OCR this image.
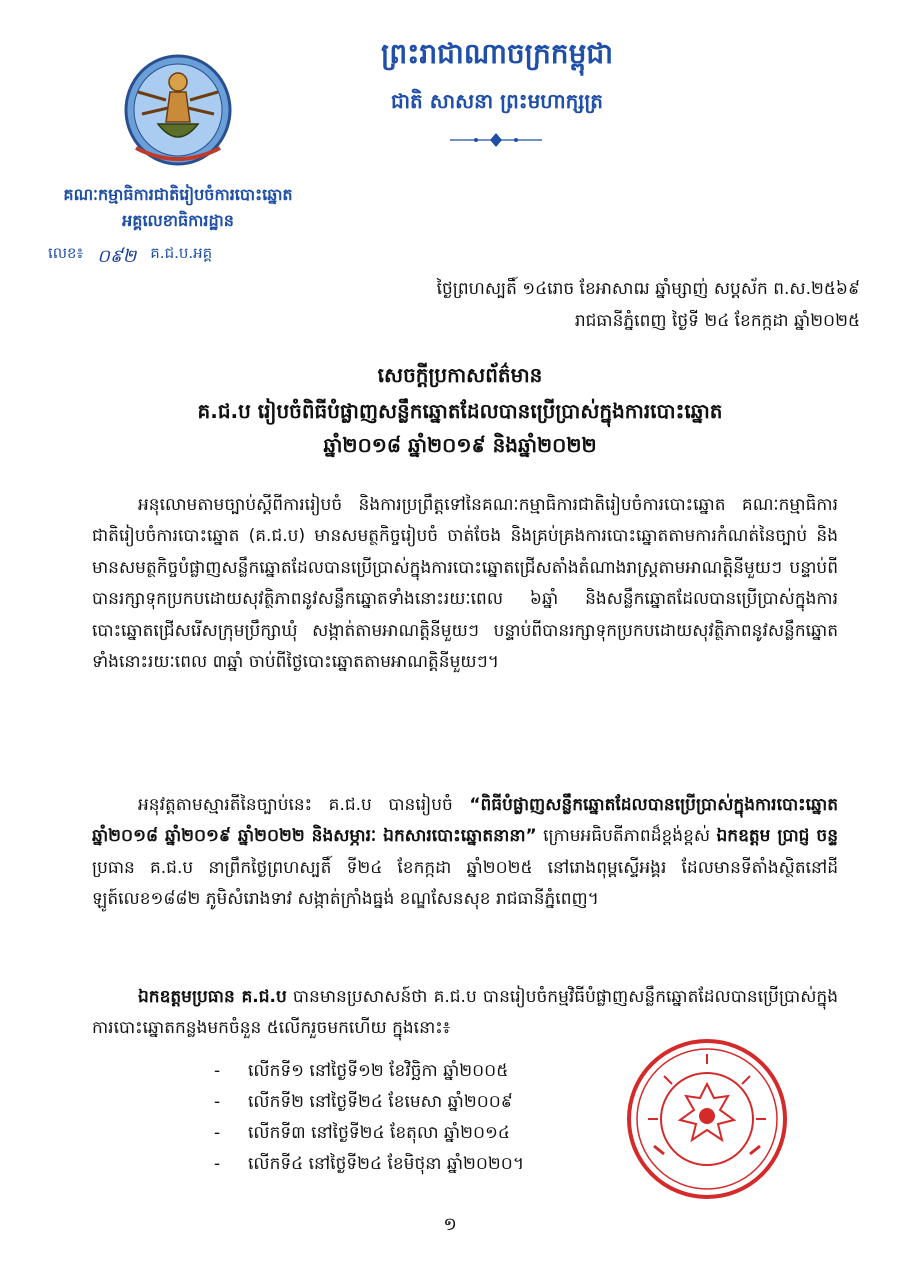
គណៈកម្មាធិការជាតិរៀបចំការបោះឆ្នោត
អគ្គលេខាធិការដ្ឋាន
លេខ៖ ០៩២ គ.ជ.ប.អគ្គ
ព្រះរាជាណាចក្រកម្ពុជា
ជាតិ សាសនា ព្រះមហាក្សត្រ
ថ្ងៃព្រហស្បតិ៍ ១៤រោច ខែអាសាឍ ឆ្នាំម្សាញ់ សប្តស័ក ព.ស.២៥៦៩
រាជធានីភ្នំពេញ ថ្ងៃទី ២៤ ខែកក្កដា ឆ្នាំ២០២៥
សេចក្តីប្រកាសព័ត៌មាន
គ.ជ.ប រៀបចំពិធីបំផ្លាញសន្លឹកឆ្នោតដែលបានប្រើប្រាស់ក្នុងការបោះឆ្នោត
ឆ្នាំ២០១៨ ឆ្នាំ២០១៩ និងឆ្នាំ២០២២

អនុលោមតាមច្បាប់ស្តីពីការរៀបចំ និងការប្រព្រឹត្តទៅនៃគណៈកម្មាធិការជាតិរៀបចំការបោះឆ្នោត គណៈកម្មាធិការជាតិរៀបចំការបោះឆ្នោត (គ.ជ.ប) មានសមត្ថកិច្ចរៀបចំ ចាត់ចែង និងគ្រប់គ្រងការបោះឆ្នោតតាមការកំណត់នៃច្បាប់ និងមានសមត្ថកិច្ចបំផ្លាញសន្លឹកឆ្នោតដែលបានប្រើប្រាស់ក្នុងការបោះឆ្នោតជ្រើសតាំងតំណាងរាស្ត្រតាមអាណត្តិនីមួយៗ បន្ទាប់ពីបានរក្សាទុកប្រកបដោយសុវត្ថិភាពនូវសន្លឹកឆ្នោតទាំងនោះរយៈពេល ៦ឆ្នាំ និងសន្លឹកឆ្នោតដែលបានប្រើប្រាស់ក្នុងការបោះឆ្នោតជ្រើសរើសក្រុមប្រឹក្សាឃុំ សង្កាត់តាមអាណត្តិនីមួយៗ បន្ទាប់ពីបានរក្សាទុកប្រកបដោយសុវត្ថិភាពនូវសន្លឹកឆ្នោតទាំងនោះរយៈពេល ៣ឆ្នាំ ចាប់ពីថ្ងៃបោះឆ្នោតតាមអាណត្តិនីមួយៗ។

អនុវត្តតាមស្មារតីនៃច្បាប់នេះ គ.ជ.ប បានរៀបចំ “ពិធីបំផ្លាញសន្លឹកឆ្នោតដែលបានប្រើប្រាស់ក្នុងការបោះឆ្នោត ឆ្នាំ២០១៨ ឆ្នាំ២០១៩ ឆ្នាំ២០២២ និងសម្ភារៈ ឯកសារបោះឆ្នោតនានា” ក្រោមអធិបតីភាពដ៏ខ្ពង់ខ្ពស់ ឯកឧត្តម ប្រាជ្ញ ចន្ទ ប្រធាន គ.ជ.ប នាព្រឹកថ្ងៃព្រហស្បតិ៍ ទី២៤ ខែកក្កដា ឆ្នាំ២០២៥ នៅរោងពុម្ពស្ទើអង្គរ ដែលមានទីតាំងស្ថិតនៅដីឡូត៍លេខ១៨៨២ ភូមិសំរោងទាវ សង្កាត់ក្រាំងធ្នង់ ខណ្ឌសែនសុខ រាជធានីភ្នំពេញ។

ឯកឧត្តមប្រធាន គ.ជ.ប បានមានប្រសាសន៍ថា គ.ជ.ប បានរៀបចំកម្មវិធីបំផ្លាញសន្លឹកឆ្នោតដែលបានប្រើប្រាស់ក្នុងការបោះឆ្នោតកន្លងមកចំនួន ៥លើករួចមកហើយ ក្នុងនោះ៖

-	លើកទី១ នៅថ្ងៃទី១២ ខែវិច្ឆិកា ឆ្នាំ២០០៥
-	លើកទី២ នៅថ្ងៃទី២៤ ខែមេសា ឆ្នាំ២០០៩
-	លើកទី៣ នៅថ្ងៃទី២៤ ខែតុលា ឆ្នាំ២០១៤
-	លើកទី៤ នៅថ្ងៃទី២៤ ខែមិថុនា ឆ្នាំ២០២០។
១
